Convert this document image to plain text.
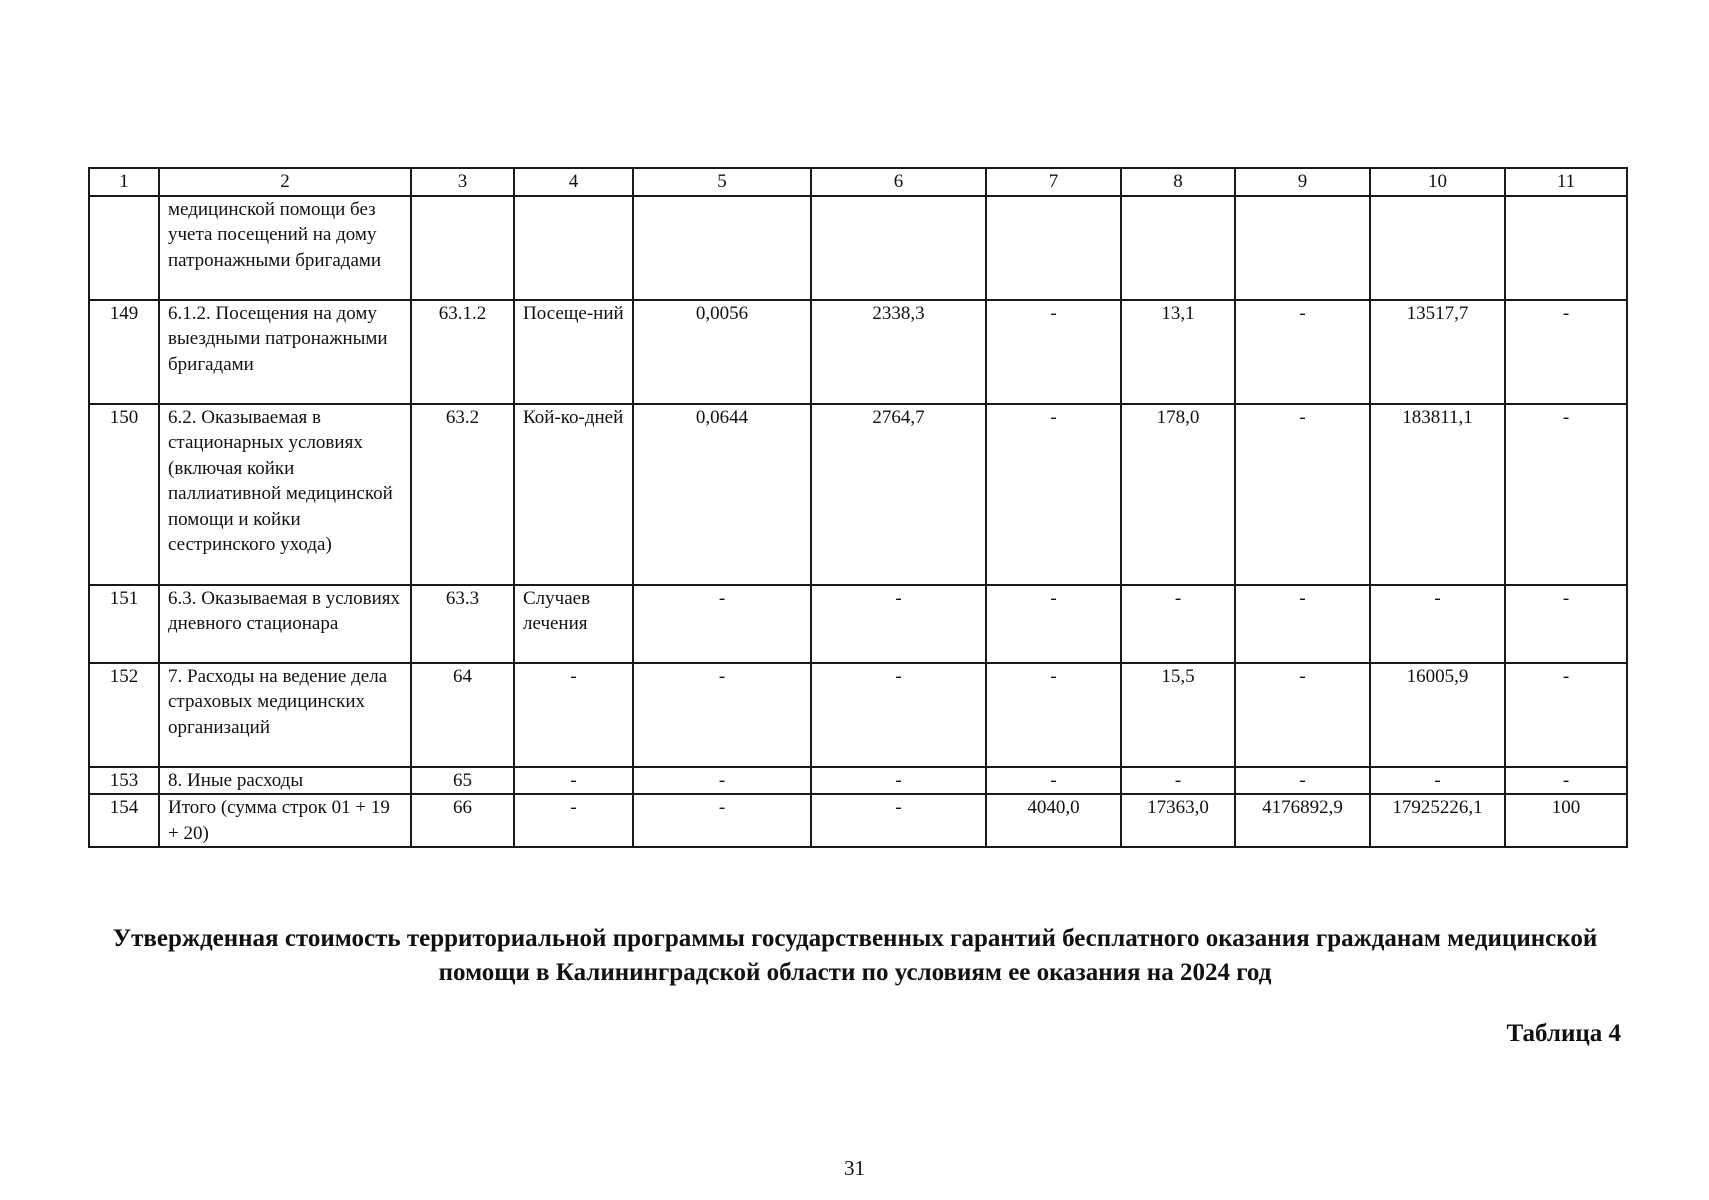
1	2	3	4	5	6	7	8	9	10	11
	медицинской помощи без учета посещений на дому патронажными бригадами									
149	6.1.2. Посещения на дому выездными патронажными бригадами	63.1.2	Посеще-ний	0,0056	2338,3	-	13,1	-	13517,7	-
150	6.2. Оказываемая в стационарных условиях (включая койки паллиативной медицинской помощи и койки сестринского ухода)	63.2	Кой-ко-дней	0,0644	2764,7	-	178,0	-	183811,1	-
151	6.3. Оказываемая в условиях дневного стационара	63.3	Случаев лечения	-	-	-	-	-	-	-
152	7. Расходы на ведение дела страховых медицинских организаций	64	-	-	-	-	15,5	-	16005,9	-
153	8. Иные расходы	65	-	-	-	-	-	-	-	-
154	Итого (сумма строк 01 + 19 + 20)	66	-	-	-	4040,0	17363,0	4176892,9	17925226,1	100

Утвержденная стоимость территориальной программы государственных гарантий бесплатного оказания гражданам медицинской помощи в Калининградской области по условиям ее оказания на 2024 год

Таблица 4

31
